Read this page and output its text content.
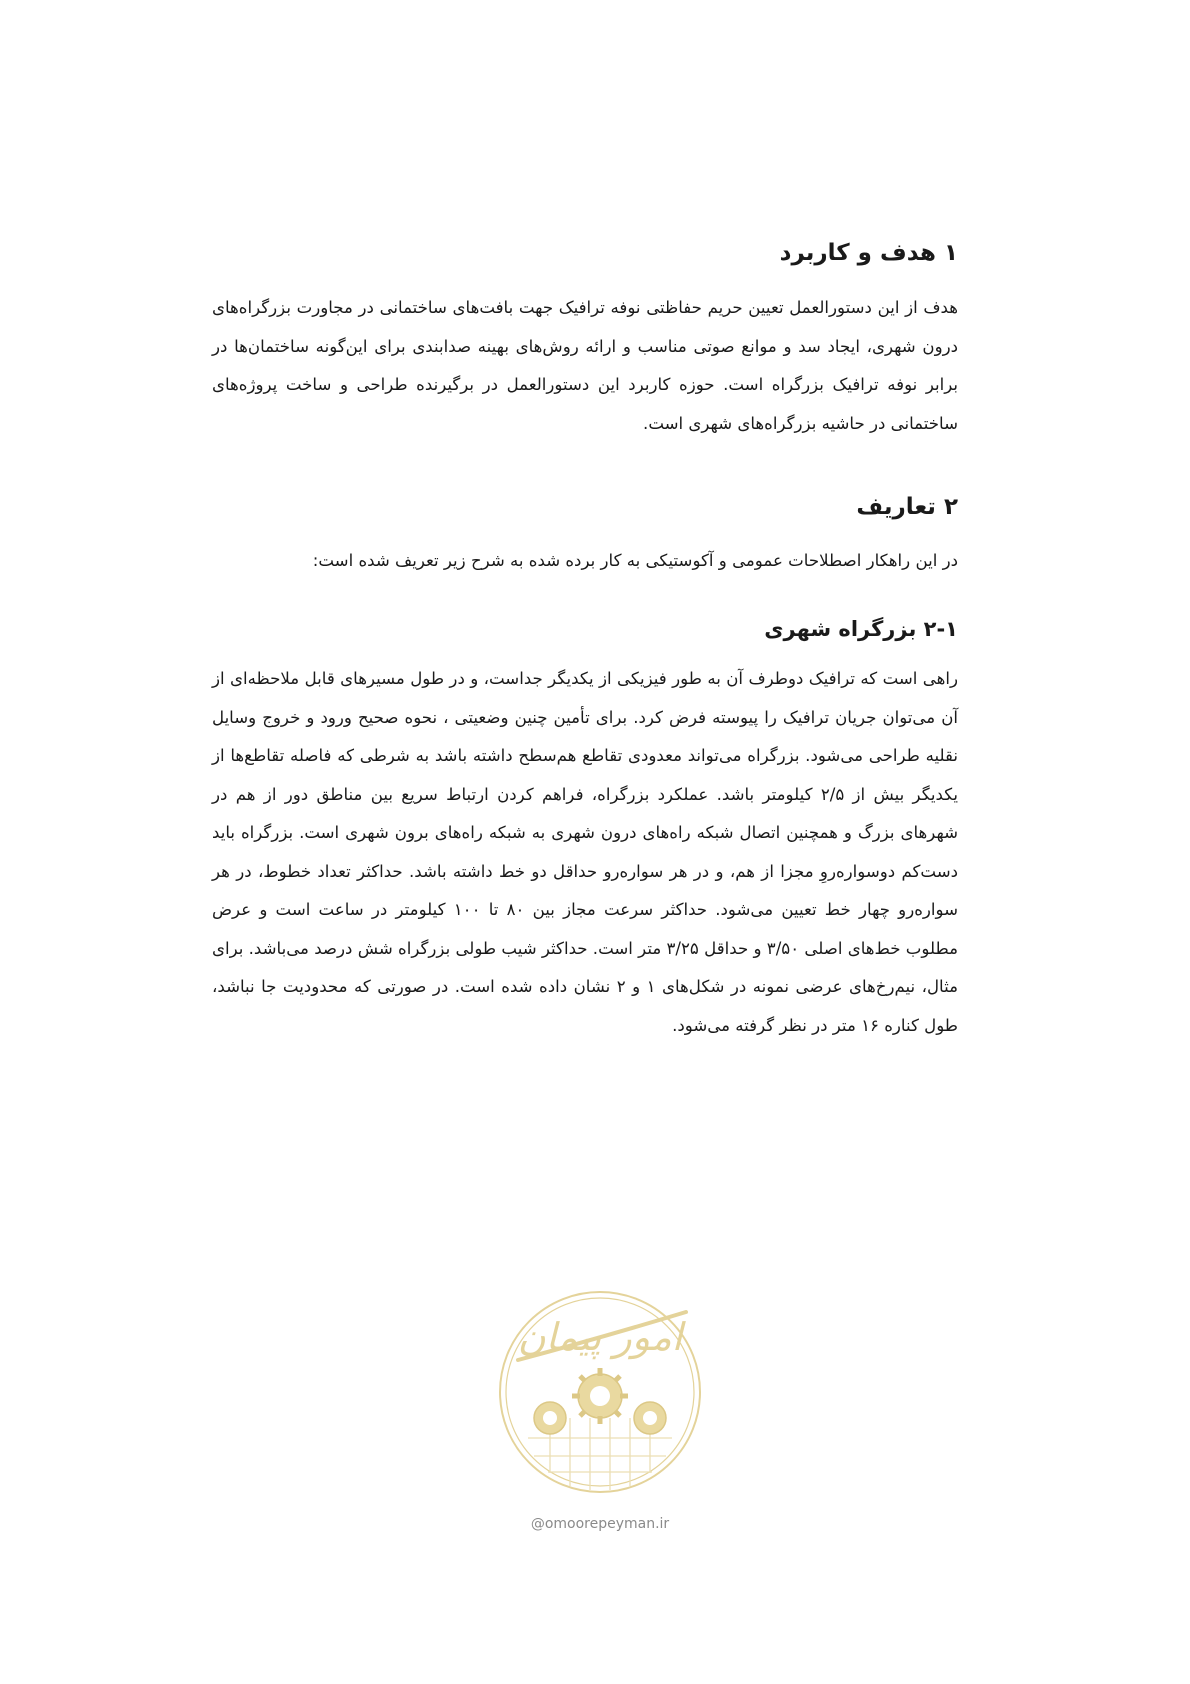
۱ هدف و کاربرد

هدف از این دستورالعمل تعیین حریم حفاظتی نوفه ترافیک جهت بافت‌های ساختمانی در مجاورت بزرگراه‌های درون شهری، ایجاد سد و موانع صوتی مناسب و ارائه روش‌های بهینه صدابندی برای این‌گونه ساختمان‌ها در برابر نوفه ترافیک بزرگراه است. حوزه کاربرد این دستورالعمل در برگیرنده طراحی و ساخت پروژه‌های ساختمانی در حاشیه بزرگراه‌های شهری است.

۲ تعاریف

در این راهکار اصطلاحات عمومی و آکوستیکی به کار برده شده به شرح زیر تعریف شده است:

۲-۱ بزرگراه شهری

راهی است که ترافیک دوطرف آن به طور فیزیکی از یکدیگر جداست، و در طول مسیرهای قابل ملاحظه‌ای از آن می‌توان جریان ترافیک را پیوسته فرض کرد. برای تأمین چنین وضعیتی ، نحوه صحیح ورود و خروج وسایل نقلیه طراحی می‌شود. بزرگراه می‌تواند معدودی تقاطع هم‌سطح داشته باشد به شرطی که فاصله تقاطع‌ها از یکدیگر بیش از ۲/۵ کیلومتر باشد. عملکرد بزرگراه، فراهم کردن ارتباط سریع بین مناطق دور از هم در شهرهای بزرگ و همچنین اتصال شبکه راه‌های درون شهری به شبکه راه‌های برون شهری است. بزرگراه باید دست‌کم دوسواره‌روِ مجزا از هم، و در هر سواره‌رو حداقل دو خط داشته باشد. حداکثر تعداد خطوط، در هر سواره‌رو چهار خط تعیین می‌شود. حداکثر سرعت مجاز بین ۸۰ تا ۱۰۰ کیلومتر در ساعت است و عرض مطلوب خط‌های اصلی ۳/۵۰ و حداقل ۳/۲۵ متر است. حداکثر شیب طولی بزرگراه شش درصد می‌باشد. برای مثال، نیم‌رخ‌های عرضی نمونه در شکل‌های ۱ و ۲ نشان داده شده است. در صورتی که محدودیت جا نباشد، طول کناره ۱۶ متر در نظر گرفته می‌شود.

امور پیمان
@omoorepeyman.ir
